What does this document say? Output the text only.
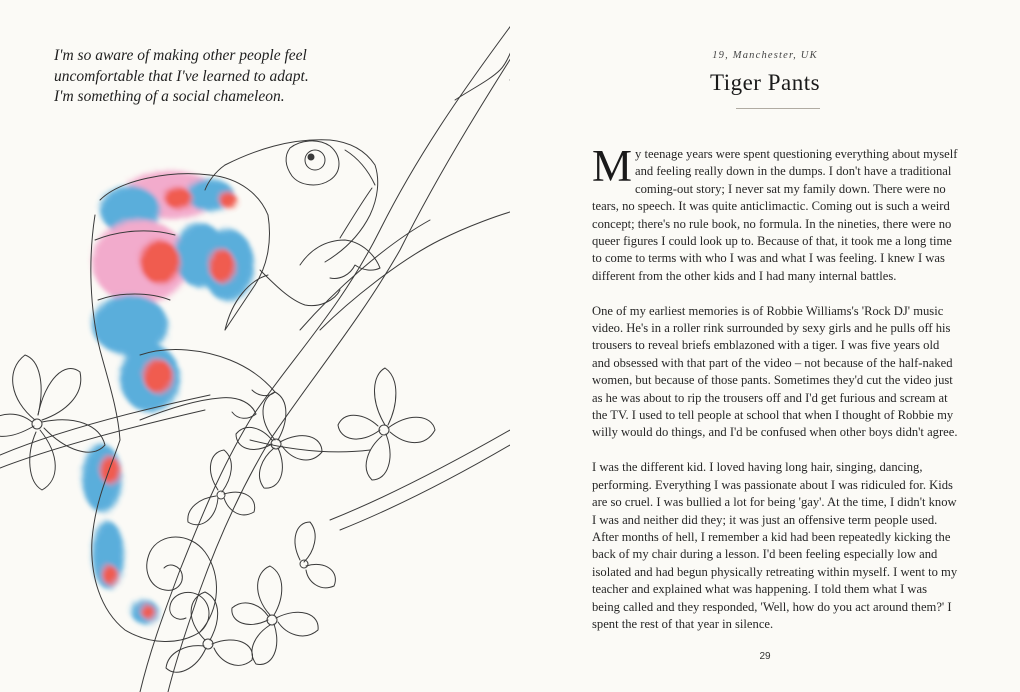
I'm so aware of making other people feel

uncomfortable that I've learned to adapt.

I'm something of a social chameleon.

19, Manchester, UK
Tiger Pants

My teenage years were spent questioning everything about myself and feeling really down in the dumps. I don't have a traditional coming-out story; I never sat my family down. There were no tears, no speech. It was quite anticlimactic. Coming out is such a weird concept; there's no rule book, no formula. In the nineties, there were no queer figures I could look up to. Because of that, it took me a long time to come to terms with who I was and what I was feeling. I knew I was different from the other kids and I had many internal battles.

One of my earliest memories is of Robbie Williams's 'Rock DJ' music video. He's in a roller rink surrounded by sexy girls and he pulls off his trousers to reveal briefs emblazoned with a tiger. I was five years old and obsessed with that part of the video – not because of the half-naked women, but because of those pants. Sometimes they'd cut the video just as he was about to rip the trousers off and I'd get furious and scream at the TV. I used to tell people at school that when I thought of Robbie my willy would do things, and I'd be confused when other boys didn't agree.

I was the different kid. I loved having long hair, singing, dancing, performing. Everything I was passionate about I was ridiculed for. Kids are so cruel. I was bullied a lot for being 'gay'. At the time, I didn't know I was and neither did they; it was just an offensive term people used. After months of hell, I remember a kid had been repeatedly kicking the back of my chair during a lesson. I'd been feeling especially low and isolated and had begun physically retreating within myself. I went to my teacher and explained what was happening. I told them what I was being called and they responded, 'Well, how do you act around them?' I spent the rest of that year in silence.

29
